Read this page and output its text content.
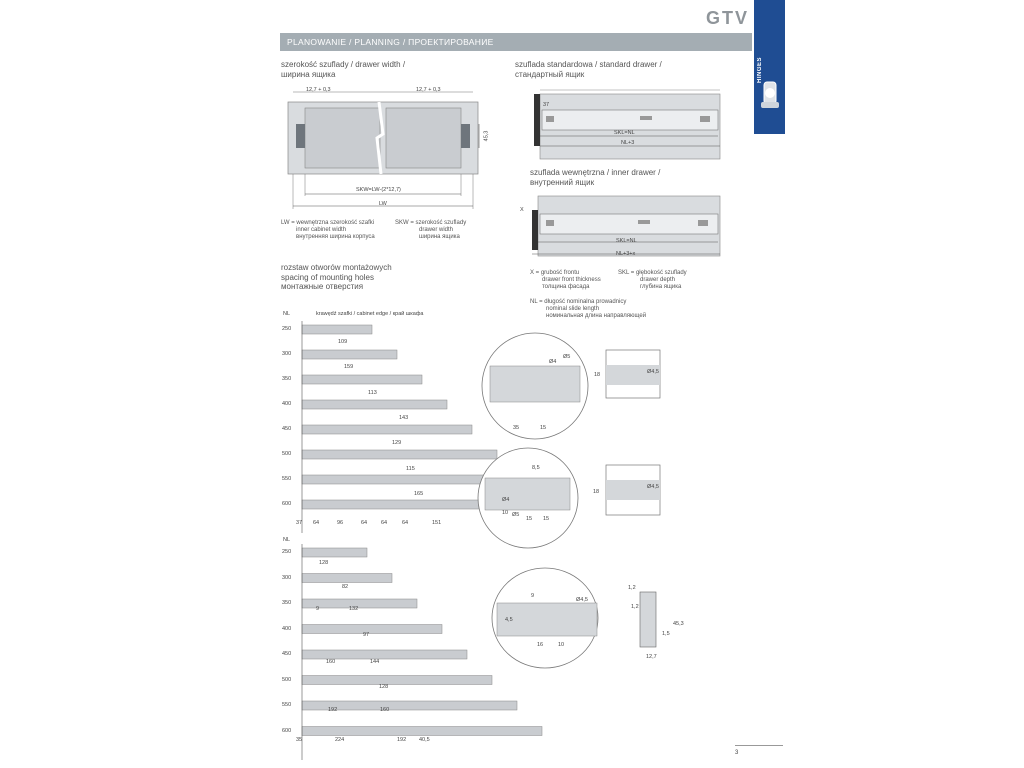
GTV
HINGES
PLANOWANIE / PLANNING / ПРОЕКТИРОВАНИЕ
szerokość szuflady / drawer width /
ширина ящика
12,7 + 0,3	12,7 + 0,3
45,3
SKW=LW-(2*12,7)
LW
LW = wewnętrzna szerokość szafki
inner cabinet width
внутренняя ширина корпуса
SKW = szerokość szuflady
drawer width
ширина ящика
szuflada standardowa / standard drawer /
стандартный ящик
37
SKL=NL
NL+3
szuflada wewnętrzna / inner drawer /
внутренний ящик
X
SKL=NL
NL+3+x
X = grubość frontu
drawer front thickness
толщина фасада
SKL = głębokość szuflady
drawer depth
глубина ящика
NL = długość nominalna prowadnicy
nominal slide length
номинальная длина направляющей
rozstaw otworów montażowych
spacing of mounting holes
монтажные отверстия
NL	krawędź szafki / cabinet edge / край шкафа
NL
250
300
350
400
450
500
550
600
109
159
113
143
129
115
165
37 64	96	64	64	64	151
250
300
350
400
450
500
550
600
128
82
9	132
97
160	144
128
192	160
35	224	192 40,5
35	15
Ø4
Ø5
18	Ø4,5
8,5
10
15 15
Ø4
Ø5
18
Ø4,5
9
4,5
16	10
Ø4,5
1,2
1,2
45,3
1,5
12,7
3
